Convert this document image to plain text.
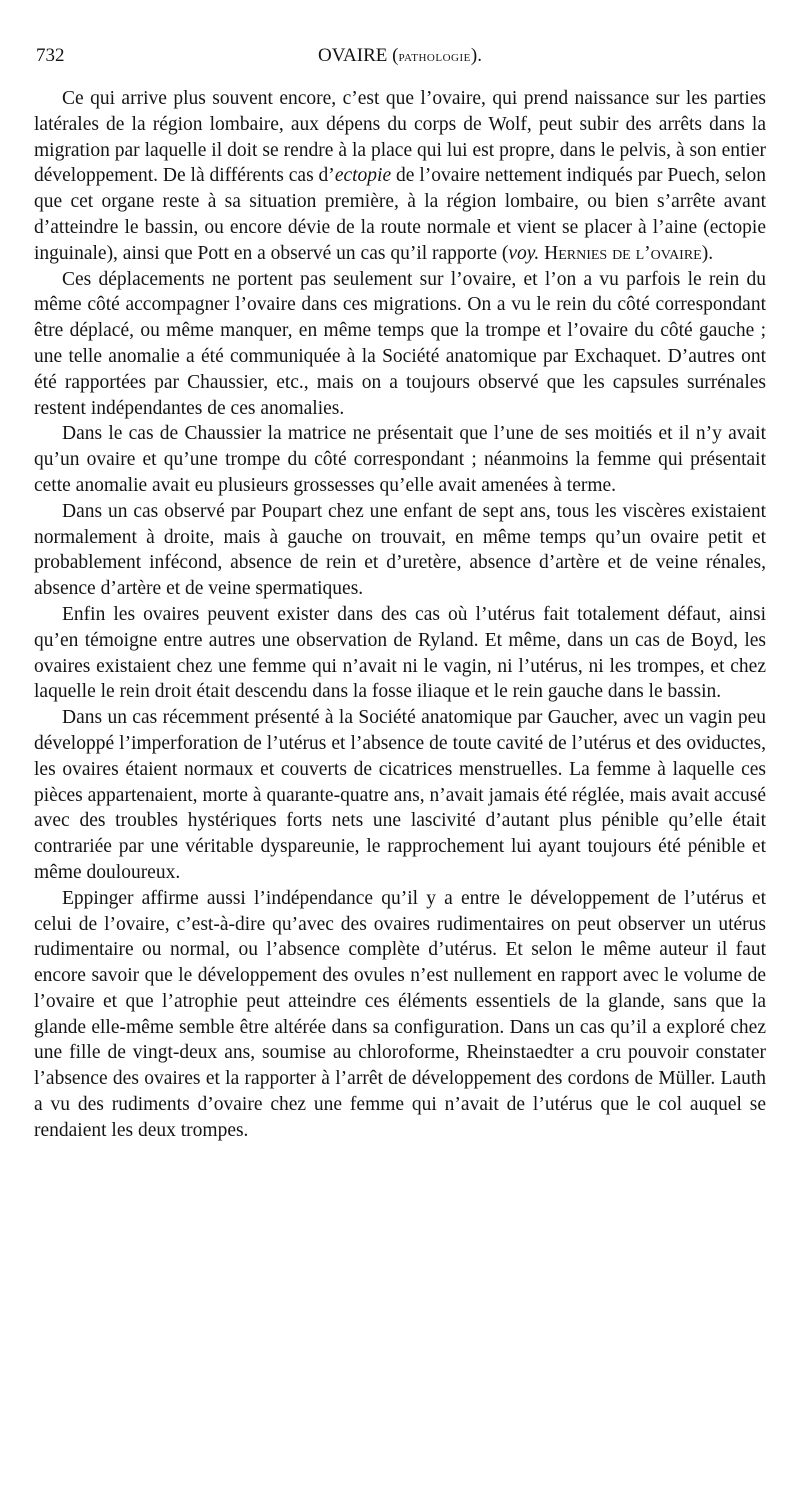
732	OVAIRE (pathologie).

Ce qui arrive plus souvent encore, c’est que l’ovaire, qui prend naissance sur les parties latérales de la région lombaire, aux dépens du corps de Wolf, peut subir des arrêts dans la migration par laquelle il doit se rendre à la place qui lui est propre, dans le pelvis, à son entier développement. De là différents cas d’ectopie de l’ovaire nettement indiqués par Puech, selon que cet organe reste à sa situation première, à la région lombaire, ou bien s’arrête avant d’atteindre le bassin, ou encore dévie de la route normale et vient se placer à l’aine (ectopie inguinale), ainsi que Pott en a observé un cas qu’il rapporte (voy. Hernies de l’ovaire).

Ces déplacements ne portent pas seulement sur l’ovaire, et l’on a vu parfois le rein du même côté accompagner l’ovaire dans ces migrations. On a vu le rein du côté correspondant être déplacé, ou même manquer, en même temps que la trompe et l’ovaire du côté gauche ; une telle anomalie a été communiquée à la Société anatomique par Exchaquet. D’autres ont été rapportées par Chaussier, etc., mais on a toujours observé que les capsules surrénales restent indépendantes de ces anomalies.

Dans le cas de Chaussier la matrice ne présentait que l’une de ses moitiés et il n’y avait qu’un ovaire et qu’une trompe du côté correspondant ; néanmoins la femme qui présentait cette anomalie avait eu plusieurs grossesses qu’elle avait amenées à terme.

Dans un cas observé par Poupart chez une enfant de sept ans, tous les viscères existaient normalement à droite, mais à gauche on trouvait, en même temps qu’un ovaire petit et probablement infécond, absence de rein et d’uretère, absence d’artère et de veine rénales, absence d’artère et de veine spermatiques.

Enfin les ovaires peuvent exister dans des cas où l’utérus fait totalement défaut, ainsi qu’en témoigne entre autres une observation de Ryland. Et même, dans un cas de Boyd, les ovaires existaient chez une femme qui n’avait ni le vagin, ni l’utérus, ni les trompes, et chez laquelle le rein droit était descendu dans la fosse iliaque et le rein gauche dans le bassin.

Dans un cas récemment présenté à la Société anatomique par Gaucher, avec un vagin peu développé l’imperforation de l’utérus et l’absence de toute cavité de l’utérus et des oviductes, les ovaires étaient normaux et couverts de cicatrices menstruelles. La femme à laquelle ces pièces appartenaient, morte à quarante-quatre ans, n’avait jamais été réglée, mais avait accusé avec des troubles hystériques forts nets une lascivité d’autant plus pénible qu’elle était contrariée par une véritable dyspareunie, le rapprochement lui ayant toujours été pénible et même douloureux.

Eppinger affirme aussi l’indépendance qu’il y a entre le développement de l’utérus et celui de l’ovaire, c’est-à-dire qu’avec des ovaires rudimentaires on peut observer un utérus rudimentaire ou normal, ou l’absence complète d’utérus. Et selon le même auteur il faut encore savoir que le développement des ovules n’est nullement en rapport avec le volume de l’ovaire et que l’atrophie peut atteindre ces éléments essentiels de la glande, sans que la glande elle-même semble être altérée dans sa configuration. Dans un cas qu’il a exploré chez une fille de vingt-deux ans, soumise au chloroforme, Rheinstaedter a cru pouvoir constater l’absence des ovaires et la rapporter à l’arrêt de développement des cordons de Müller. Lauth a vu des rudiments d’ovaire chez une femme qui n’avait de l’utérus que le col auquel se rendaient les deux trompes.
